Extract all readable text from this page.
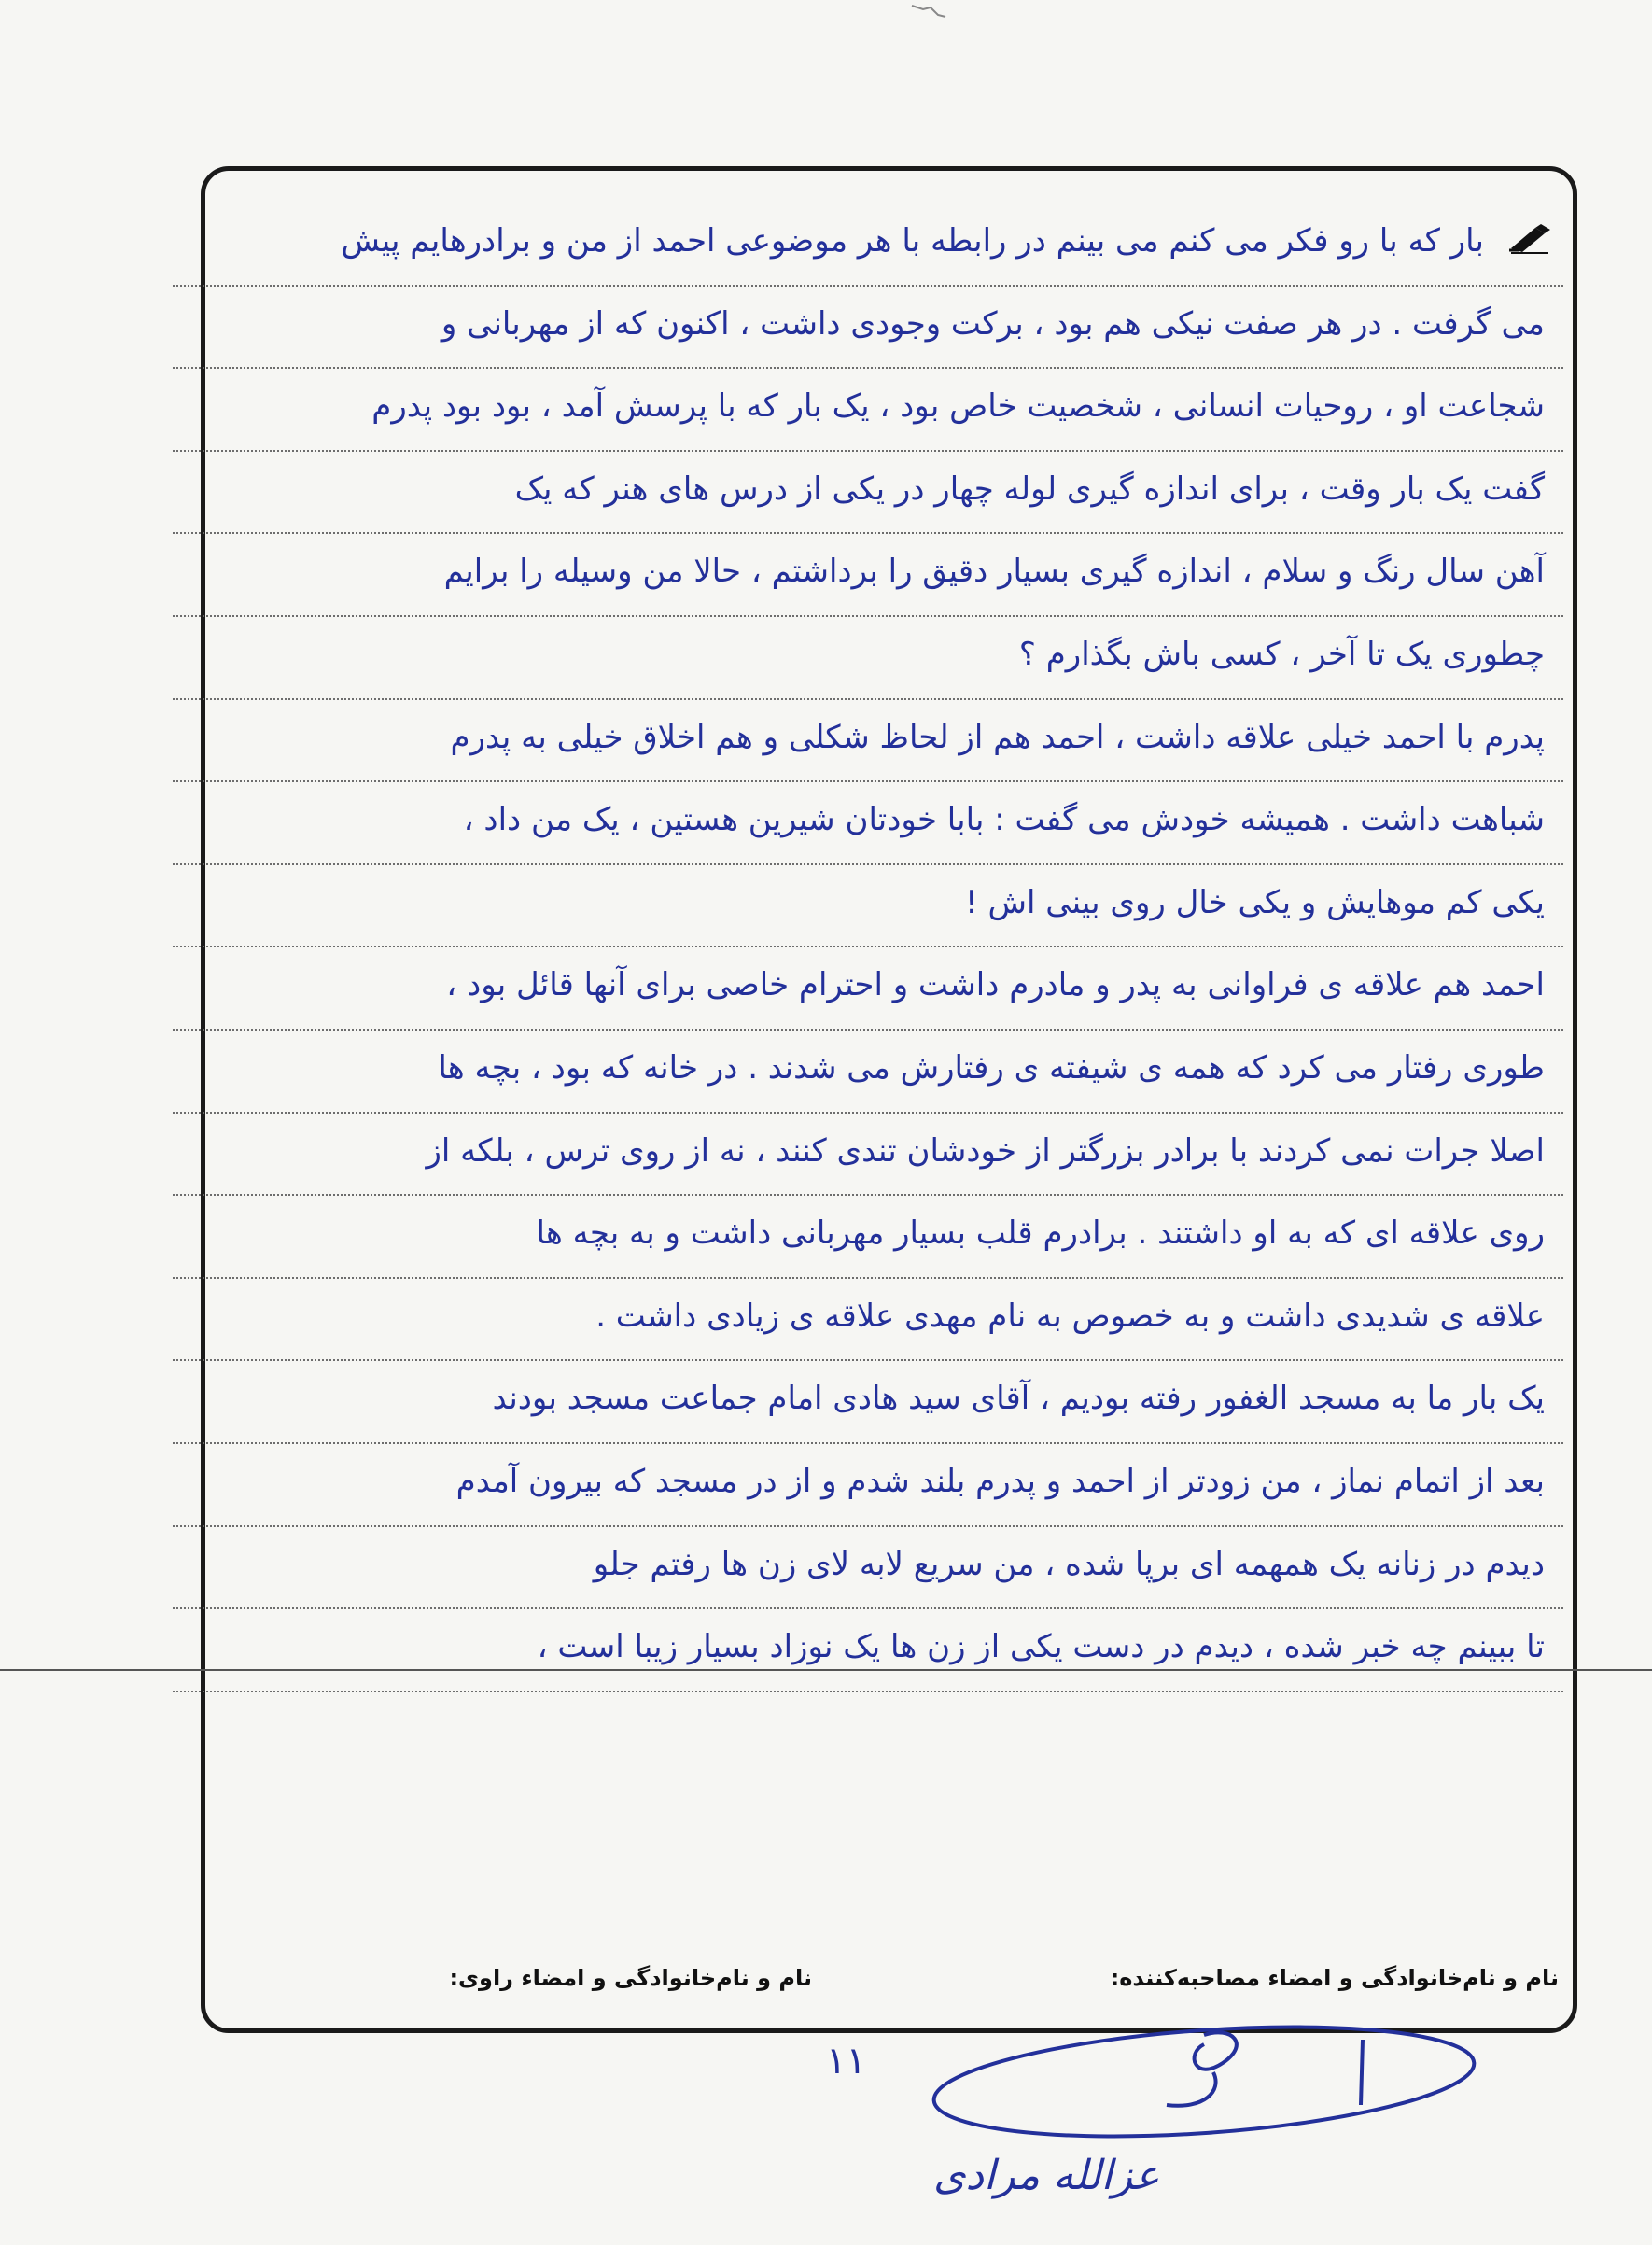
بار که با رو فکر می کنم می بینم در رابطه با هر موضوعی احمد از من و برادرهایم پیش
می گرفت . در هر صفت نیکی هم بود ، برکت وجودی داشت ، اکنون که از مهربانی و
شجاعت او ، روحیات انسانی ، شخصیت خاص بود ، یک بار که با پرسش آمد ، بود بود پدرم
گفت یک بار وقت ، برای اندازه گیری لوله چهار در یکی از درس های هنر که یک
آهن سال رنگ و سلام ، اندازه گیری بسیار دقیق را برداشتم ، حالا من وسیله را برایم
چطوری یک تا آخر ، کسی باش بگذارم ؟
پدرم با احمد خیلی علاقه داشت ، احمد هم از لحاظ شکلی و هم اخلاق خیلی به پدرم
شباهت داشت . همیشه خودش می گفت : بابا خودتان شیرین هستین ، یک من داد ،
یکی کم موهایش و یکی خال روی بینی اش !
احمد هم علاقه ی فراوانی به پدر و مادرم داشت و احترام خاصی برای آنها قائل بود ،
طوری رفتار می کرد که همه ی شیفته ی رفتارش می شدند . در خانه که بود ، بچه ها
اصلا جرات نمی کردند با برادر بزرگتر از خودشان تندی کنند ، نه از روی ترس ، بلکه از
روی علاقه ای که به او داشتند . برادرم قلب بسیار مهربانی داشت و به بچه ها
علاقه ی شدیدی داشت و به خصوص به نام مهدی علاقه ی زیادی داشت .
یک بار ما به مسجد الغفور رفته بودیم ، آقای سید هادی امام جماعت مسجد بودند
بعد از اتمام نماز ، من زودتر از احمد و پدرم بلند شدم و از در مسجد که بیرون آمدم
دیدم در زنانه یک همهمه ای برپا شده ، من سریع لابه لای زن ها رفتم جلو
تا ببینم چه خبر شده ، دیدم در دست یکی از زن ها یک نوزاد بسیار زیبا است ،
نام و نام‌خانوادگی و امضاء مصاحبه‌کننده:
نام و نام‌خانوادگی و امضاء راوی:
۱۱
عزالله مرادی
